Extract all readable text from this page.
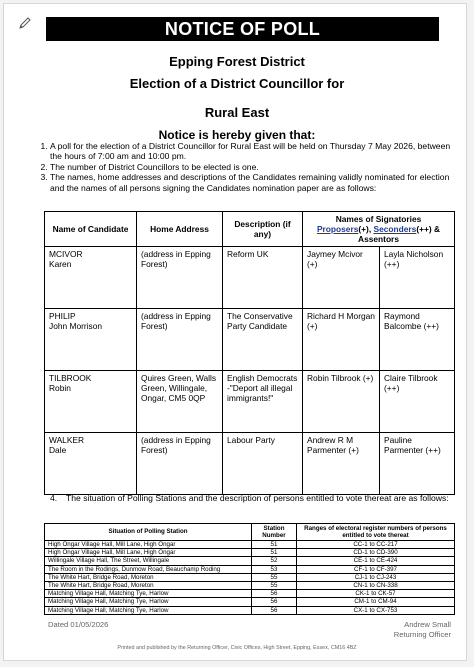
NOTICE OF POLL
Epping Forest District
Election of a District Councillor for
Rural East
Notice is hereby given that:
1. A poll for the election of a District Councillor for Rural East will be held on Thursday 7 May 2026, between the hours of 7:00 am and 10:00 pm.
2. The number of District Councillors to be elected is one.
3. The names, home addresses and descriptions of the Candidates remaining validly nominated for election and the names of all persons signing the Candidates nomination paper are as follows:
Name of Candidate	Home Address	Description (if any)	Names of Signatories
Proposers(+), Seconders(++) & Assentors	
MCIVOR
Karen	(address in Epping Forest)	Reform UK	Jaymey Mcivor (+)	Layla Nicholson (++)
PHILIP
John Morrison	(address in Epping Forest)	The Conservative Party Candidate	Richard H Morgan (+)	Raymond Balcombe (++)
TILBROOK
Robin	Quires Green, Walls Green, Willingale, Ongar, CM5 0QP	English Democrats -"Deport all illegal immigrants!"	Robin Tilbrook (+)	Claire Tilbrook (++)
WALKER
Dale	(address in Epping Forest)	Labour Party	Andrew R M Parmenter (+)	Pauline Parmenter (++)
4. The situation of Polling Stations and the description of persons entitled to vote thereat are as follows:
Situation of Polling Station	Station Number	Ranges of electoral register numbers of persons entitled to vote thereat
High Ongar Village Hall, Mill Lane, High Ongar	51	CC-1 to CC-217
High Ongar Village Hall, Mill Lane, High Ongar	51	CD-1 to CD-390
Willingale Village Hall, The Street, Willingale	52	CE-1 to CE-424
The Room in the Rodings, Dunmow Road, Beauchamp Roding	53	CF-1 to CF-397
The White Hart, Bridge Road, Moreton	55	CJ-1 to CJ-243
The White Hart, Bridge Road, Moreton	55	CN-1 to CN-338
Matching Village Hall, Matching Tye, Harlow	56	CK-1 to CK-57
Matching Village Hall, Matching Tye, Harlow	56	CM-1 to CM-94
Matching Village Hall, Matching Tye, Harlow	56	CX-1 to CX-753
Dated 01/05/2026	Andrew Small
Returning Officer
Printed and published by the Returning Officer, Civic Offices, High Street, Epping, Essex, CM16 4BZ
